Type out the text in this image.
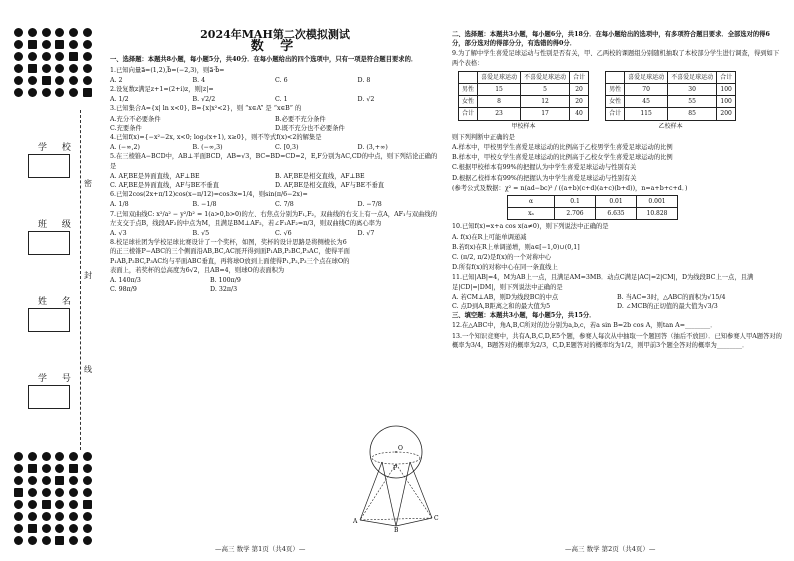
学 校
班 级
姓 名
学 号
密
封
线
2024年MAH第二次模拟测试
数 学
一、选择题：本题共8小题，每小题5分，共40分．在每小题给出的四个选项中，只有一项是符合题目要求的．
1.已知向量a⃗=(1,2),b⃗=(−2,3)，则a⃗·b⃗=
A. 2	B. 4	C. 6	D. 8
2.设复数z满足z+1=(2+i)z，则|z|=
A. 1/2	B. √2/2	C. 1	D. √2
3.已知集合A={x| ln x<0}, B={x|x²<2}，则 “x∈A” 是 “x∈B” 的
A.充分不必要条件	B.必要不充分条件
C.充要条件	D.既不充分也不必要条件
4.已知f(x)={−x²−2x, x<0; log₂(x+1), x≥0}，则不等式f(x)<2的解集是
A. (−∞,2)	B. (−∞,3)	C. [0,3)	D. (3,+∞)
5.在三棱锥A−BCD中，AB⊥平面BCD，AB=√3，BC=BD=CD=2，E,F分别为AC,CD的中点，则下列结论正确的是
A. AF,BE是异面直线，AF⊥BE	B. AF,BE是相交直线，AF⊥BE
C. AF,BE是异面直线，AF与BE不垂直	D. AF,BE是相交直线，AF与BE不垂直
6.已知2cos(2x+π/12)cos(x−π/12)=cos3x=1/4，则sin(π/6−2x)=
A. 1/8	B. −1/8	C. 7/8	D. −7/8
7.已知双曲线C: x²/a² − y²/b² = 1(a>0,b>0)的左、右焦点分别为F₁,F₂，双曲线的右支上有一点A，AF₁与双曲线的左支交于点B，线段AF₂的中点为M，且满足BM⊥AF₂，若∠F₁AF₂=π/3，则双曲线C的离心率为
A. √3	B. √5	C. √6	D. √7
8.校足球社团为学校足球比赛设计了一个奖杯，如图，奖杯的设计思路是将侧棱长为6的正三棱锥P−ABC的三个侧面沿AB,BC,AC展开得到面P₁AB,P₂BC,P₃AC，使得平面P₁AB,P₂BC,P₃AC均与平面ABC垂直，再将球O放到上面使得P₁,P₂,P₃三个点在球O的表面上，若奖杯的总高度为6√2，且AB=4，则球O的表面积为
A. 140π/3	B. 100π/9
C. 98π/9	D. 32π/3
O
P
A
B
C
—高三 数学 第1页（共4页）—
二、选择题：本题共3小题，每小题6分，共18分．在每小题给出的选项中，有多项符合题目要求．全部选对的得6分，部分选对的得部分分，有选错的得0分．
9.为了解中学生喜爱足球运动与性别是否有关，甲、乙两校的课题组分别随机抽取了本校部分学生进行调查，得到如下两个表格：
	喜爱足球运动	不喜爱足球运动	合计
男性	15	5	20
女性	8	12	20
合计	23	17	40
甲校样本
	喜爱足球运动	不喜爱足球运动	合计
男性	70	30	100
女性	45	55	100
合计	115	85	200
乙校样本
则下列判断中正确的是
A.样本中，甲校男学生喜爱足球运动的比例高于乙校男学生喜爱足球运动的比例
B.样本中，甲校女学生喜爱足球运动的比例高于乙校女学生喜爱足球运动的比例
C.根据甲校样本有99%的把握认为中学生喜爱足球运动与性别有关
D.根据乙校样本有99%的把握认为中学生喜爱足球运动与性别有关
(参考公式及数据：χ² = n(ad−bc)² / ((a+b)(c+d)(a+c)(b+d))，n=a+b+c+d．)
α	0.1	0.01	0.001
xₐ	2.706	6.635	10.828
10.已知f(x)=x+a cos x(a≠0)，则下列说法中正确的是
A. f(x)在R上可能单调递减
B.若f(x)在R上单调递增，则a∈[−1,0)∪(0,1]
C. (π/2, π/2)是f(x)的一个对称中心
D.所有f(x)的对称中心在同一条直线上
11.已知|AB|=4，M为AB上一点，且满足AM=3MB．动点C满足|AC|=2|CM|，D为线段BC上一点，且满足|CD|=|DM|，则下列说法中正确的是
A. 若CM⊥AB，则D为线段BC的中点	B. 当AC=3时，△ABC的面积为√15/4
C. 点D到A,B距离之和的最大值为5	D. ∠MCB的正切值的最大值为√3/3
三、填空题：本题共3小题，每小题5分，共15分．
12.在△ABC中，角A,B,C所对的边分别为a,b,c，若a sin B=2b cos A，则tan A=________．
13.一个知识竞赛中，共有A,B,C,D,E5个题，参赛人每次从中抽取一个题回答（抽后不放回）．已知参赛人甲A题答对的概率为3/4，B题答对的概率为2/3，C,D,E题答对的概率均为1/2，则甲前3个题全答对的概率为________．
—高三 数学 第2页（共4页）—
